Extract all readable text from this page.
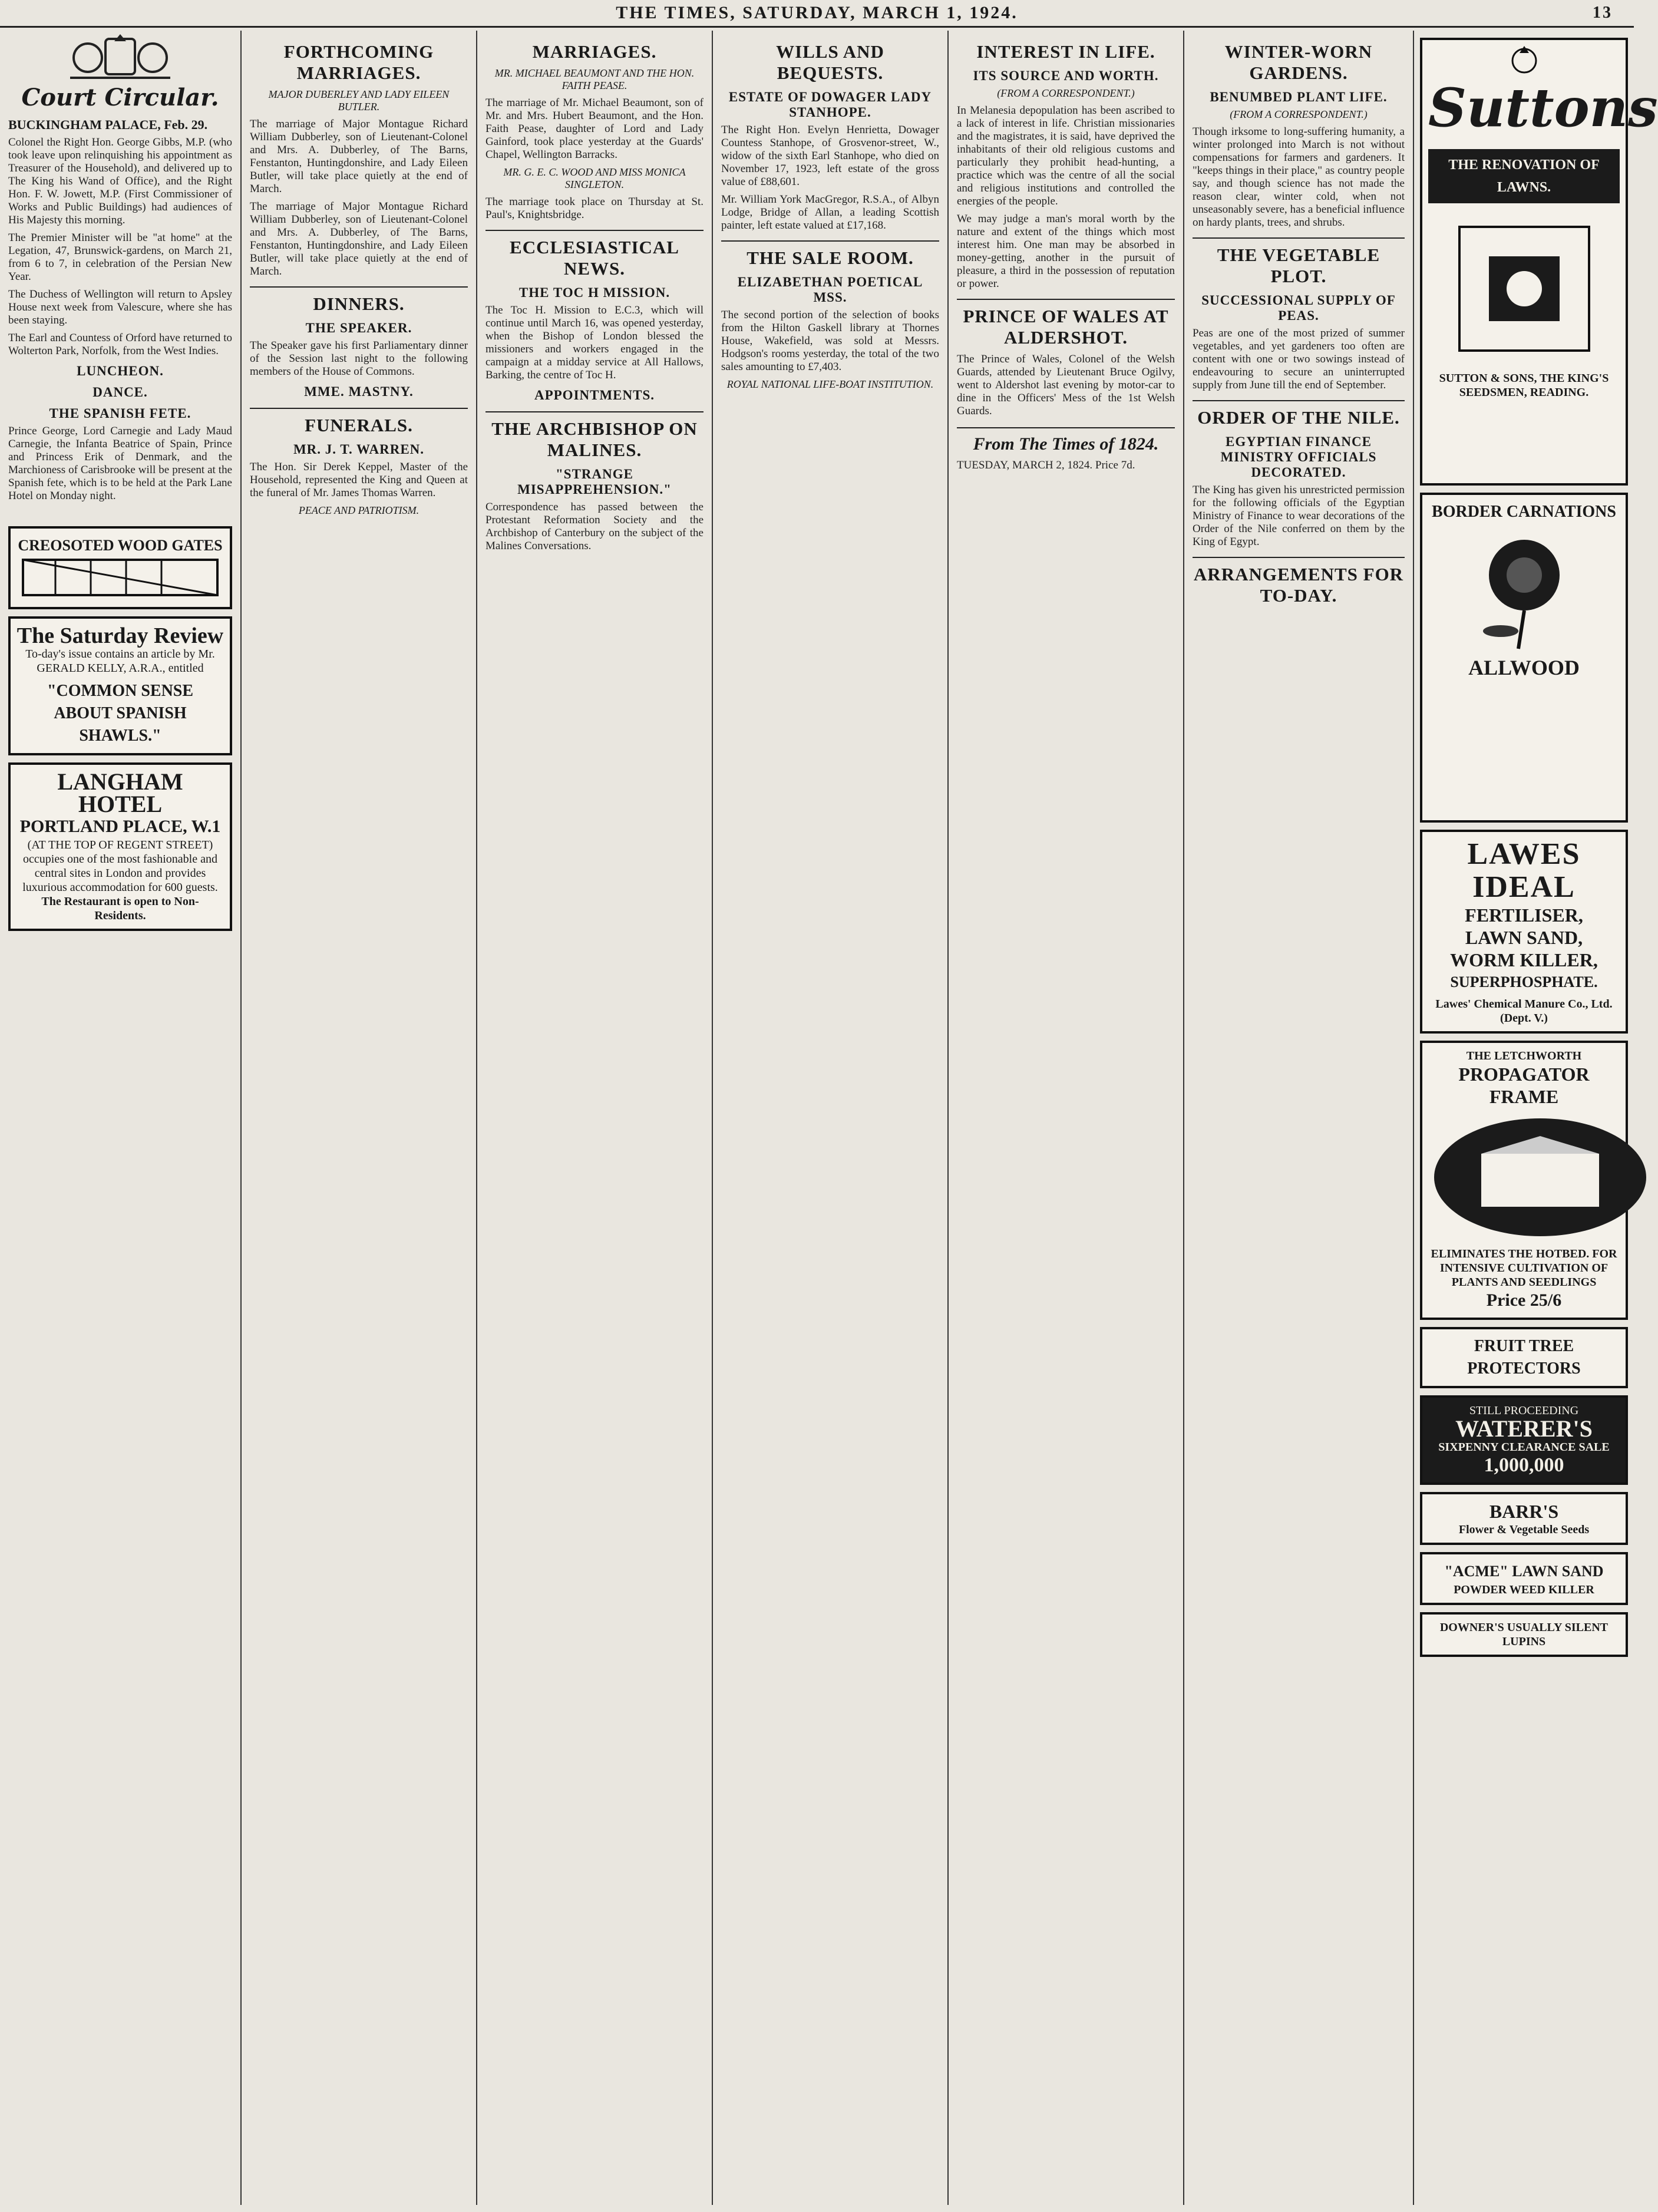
THE TIMES, SATURDAY, MARCH 1, 1924.	13
Court Circular.
BUCKINGHAM PALACE, Feb. 29.

Colonel the Right Hon. George Gibbs, M.P. (who took leave upon relinquishing his appointment as Treasurer of the Household), and delivered up to The King his Wand of Office), and the Right Hon. F. W. Jowett, M.P. (First Commissioner of Works and Public Buildings) had audiences of His Majesty this morning.

The Premier Minister will be "at home" at the Legation, 47, Brunswick-gardens, on March 21, from 6 to 7, in celebration of the Persian New Year.

The Duchess of Wellington will return to Apsley House next week from Valescure, where she has been staying.

The Earl and Countess of Orford have returned to Wolterton Park, Norfolk, from the West Indies.

LUNCHEON.
DANCE.
THE SPANISH FETE.

Prince George, Lord Carnegie and Lady Maud Carnegie, the Infanta Beatrice of Spain, Prince and Princess Erik of Denmark, and the Marchioness of Carisbrooke will be present at the Spanish fete, which is to be held at the Park Lane Hotel on Monday night.

CREOSOTED WOOD GATES
The Saturday Review
To-day's issue contains an article by Mr. GERALD KELLY, A.R.A., entitled
"COMMON SENSE ABOUT SPANISH SHAWLS."
LANGHAM HOTEL
PORTLAND PLACE, W.1
(AT THE TOP OF REGENT STREET)
occupies one of the most fashionable and central sites in London and provides luxurious accommodation for 600 guests.
The Restaurant is open to Non-Residents.
FORTHCOMING MARRIAGES.
MAJOR DUBERLEY AND LADY EILEEN BUTLER.

The marriage of Major Montague Richard William Dubberley, son of Lieutenant-Colonel and Mrs. A. Dubberley, of The Barns, Fenstanton, Huntingdonshire, and Lady Eileen Butler, will take place quietly at the end of March.

The marriage of Major Montague Richard William Dubberley, son of Lieutenant-Colonel and Mrs. A. Dubberley, of The Barns, Fenstanton, Huntingdonshire, and Lady Eileen Butler, will take place quietly at the end of March.

DINNERS.
THE SPEAKER.

The Speaker gave his first Parliamentary dinner of the Session last night to the following members of the House of Commons.

MME. MASTNY.
FUNERALS.
MR. J. T. WARREN.

The Hon. Sir Derek Keppel, Master of the Household, represented the King and Queen at the funeral of Mr. James Thomas Warren.

PEACE AND PATRIOTISM.
MARRIAGES.
MR. MICHAEL BEAUMONT AND THE HON. FAITH PEASE.

The marriage of Mr. Michael Beaumont, son of Mr. and Mrs. Hubert Beaumont, and the Hon. Faith Pease, daughter of Lord and Lady Gainford, took place yesterday at the Guards' Chapel, Wellington Barracks.

MR. G. E. C. WOOD AND MISS MONICA SINGLETON.

The marriage took place on Thursday at St. Paul's, Knightsbridge.

ECCLESIASTICAL NEWS.
THE TOC H MISSION.

The Toc H. Mission to E.C.3, which will continue until March 16, was opened yesterday, when the Bishop of London blessed the missioners and workers engaged in the campaign at a midday service at All Hallows, Barking, the centre of Toc H.

APPOINTMENTS.
THE ARCHBISHOP ON MALINES.
"STRANGE MISAPPREHENSION."

Correspondence has passed between the Protestant Reformation Society and the Archbishop of Canterbury on the subject of the Malines Conversations.

WILLS AND BEQUESTS.
ESTATE OF DOWAGER LADY STANHOPE.

The Right Hon. Evelyn Henrietta, Dowager Countess Stanhope, of Grosvenor-street, W., widow of the sixth Earl Stanhope, who died on November 17, 1923, left estate of the gross value of £88,601.

Mr. William York MacGregor, R.S.A., of Albyn Lodge, Bridge of Allan, a leading Scottish painter, left estate valued at £17,168.

THE SALE ROOM.
ELIZABETHAN POETICAL MSS.

The second portion of the selection of books from the Hilton Gaskell library at Thornes House, Wakefield, was sold at Messrs. Hodgson's rooms yesterday, the total of the two sales amounting to £7,403.

ROYAL NATIONAL LIFE-BOAT INSTITUTION.
INTEREST IN LIFE.
ITS SOURCE AND WORTH.
(FROM A CORRESPONDENT.)

In Melanesia depopulation has been ascribed to a lack of interest in life. Christian missionaries and the magistrates, it is said, have deprived the inhabitants of their old religious customs and particularly they prohibit head-hunting, a practice which was the centre of all the social and religious institutions and controlled the energies of the people.

We may judge a man's moral worth by the nature and extent of the things which most interest him. One man may be absorbed in money-getting, another in the pursuit of pleasure, a third in the possession of reputation or power.

PRINCE OF WALES AT ALDERSHOT.

The Prince of Wales, Colonel of the Welsh Guards, attended by Lieutenant Bruce Ogilvy, went to Aldershot last evening by motor-car to dine in the Officers' Mess of the 1st Welsh Guards.

From The Times of 1824.

TUESDAY, MARCH 2, 1824. Price 7d.

WINTER-WORN GARDENS.
BENUMBED PLANT LIFE.
(FROM A CORRESPONDENT.)

Though irksome to long-suffering humanity, a winter prolonged into March is not without compensations for farmers and gardeners. It "keeps things in their place," as country people say, and though science has not made the reason clear, winter cold, when not unseasonably severe, has a beneficial influence on hardy plants, trees, and shrubs.

THE VEGETABLE PLOT.
SUCCESSIONAL SUPPLY OF PEAS.

Peas are one of the most prized of summer vegetables, and yet gardeners too often are content with one or two sowings instead of endeavouring to secure an uninterrupted supply from June till the end of September.

ORDER OF THE NILE.
EGYPTIAN FINANCE MINISTRY OFFICIALS DECORATED.

The King has given his unrestricted permission for the following officials of the Egyptian Ministry of Finance to wear decorations of the Order of the Nile conferred on them by the King of Egypt.

ARRANGEMENTS FOR TO-DAY.
Suttons
THE RENOVATION OF LAWNS.
SUTTON & SONS, THE KING'S SEEDSMEN, READING.
BORDER CARNATIONS
ALLWOOD
LAWES
IDEAL
FERTILISER,
LAWN SAND,
WORM KILLER,
SUPERPHOSPHATE.
Lawes' Chemical Manure Co., Ltd. (Dept. V.)
THE LETCHWORTH
PROPAGATOR FRAME
ELIMINATES THE HOTBED. FOR INTENSIVE CULTIVATION OF PLANTS AND SEEDLINGS
Price 25/6
FRUIT TREE PROTECTORS
STILL PROCEEDING
WATERER'S
SIXPENNY CLEARANCE SALE
1,000,000
BARR'S
Flower & Vegetable Seeds
"ACME" LAWN SAND
POWDER WEED KILLER
DOWNER'S USUALLY SILENT LUPINS
